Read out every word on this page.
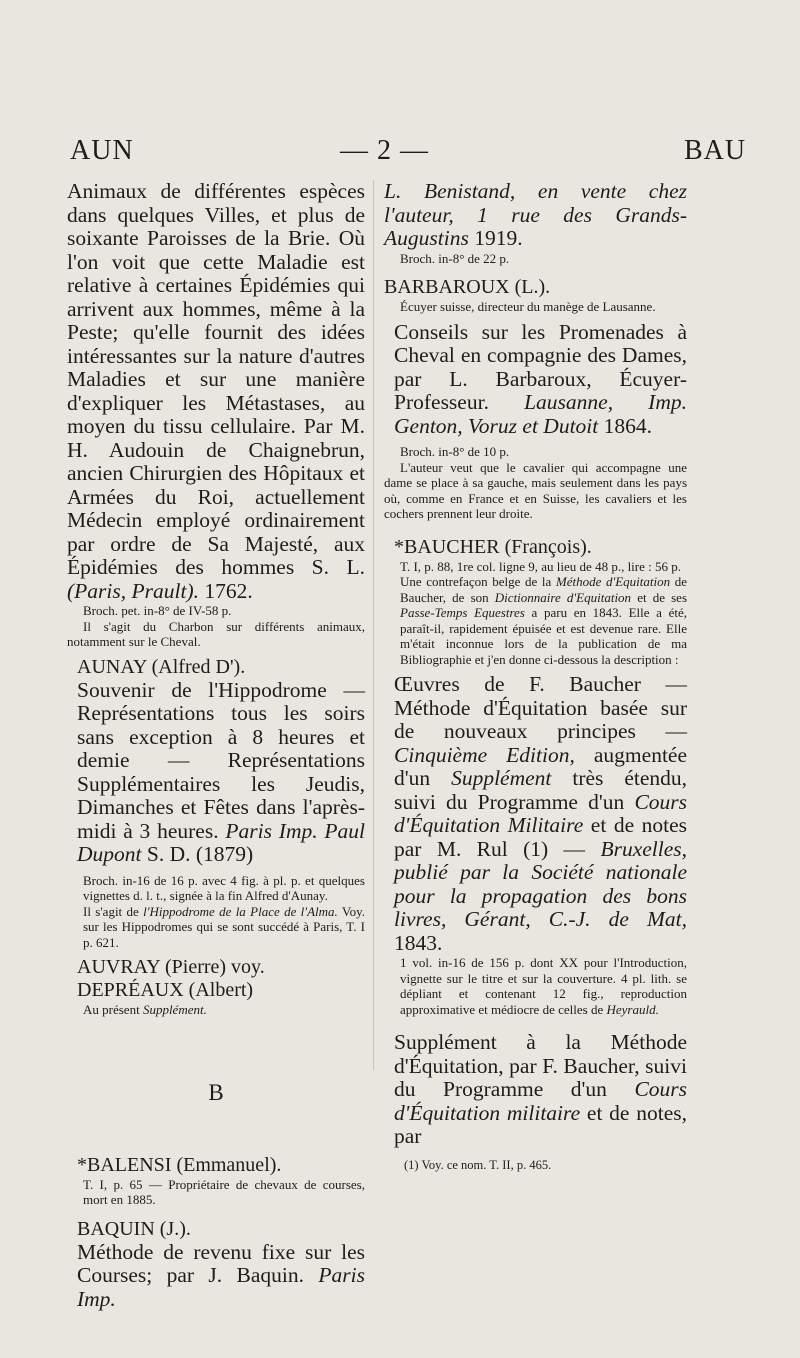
AUN	— 2 —	BAU

Animaux de différentes espèces dans quelques Villes, et plus de soixante Paroisses de la Brie. Où l'on voit que cette Maladie est relative à certaines Épidémies qui arrivent aux hommes, même à la Peste; qu'elle fournit des idées intéressantes sur la nature d'autres Maladies et sur une manière d'expliquer les Métastases, au moyen du tissu cellulaire. Par M. H. Audouin de Chaignebrun, ancien Chirurgien des Hôpitaux et Armées du Roi, actuellement Médecin employé ordinairement par ordre de Sa Majesté, aux Épidémies des hommes S. L. (Paris, Prault). 1762.

Broch. pet. in-8° de IV-58 p.

Il s'agit du Charbon sur différents animaux, notamment sur le Cheval.

AUNAY (Alfred D').

Souvenir de l'Hippodrome — Représentations tous les soirs sans exception à 8 heures et demie — Représentations Supplémentaires les Jeudis, Dimanches et Fêtes dans l'après-midi à 3 heures. Paris Imp. Paul Dupont S. D. (1879)

Broch. in-16 de 16 p. avec 4 fig. à pl. p. et quelques vignettes d. l. t., signée à la fin Alfred d'Aunay.

Il s'agit de l'Hippodrome de la Place de l'Alma. Voy. sur les Hippodromes qui se sont succédé à Paris, T. I p. 621.

AUVRAY (Pierre) voy. DEPRÉAUX (Albert)

Au présent Supplément.

B
*BALENSI (Emmanuel).

T. I, p. 65 — Propriétaire de chevaux de courses, mort en 1885.

BAQUIN (J.).

Méthode de revenu fixe sur les Courses; par J. Baquin. Paris Imp.

L. Benistand, en vente chez l'auteur, 1 rue des Grands-Augustins 1919.

Broch. in-8° de 22 p.

BARBAROUX (L.).

Écuyer suisse, directeur du manège de Lausanne.

Conseils sur les Promenades à Cheval en compagnie des Dames, par L. Barbaroux, Écuyer-Professeur. Lausanne, Imp. Genton, Voruz et Dutoit 1864.

Broch. in-8° de 10 p.

L'auteur veut que le cavalier qui accompagne une dame se place à sa gauche, mais seulement dans les pays où, comme en France et en Suisse, les cavaliers et les cochers prennent leur droite.

*BAUCHER (François).

T. I, p. 88, 1re col. ligne 9, au lieu de 48 p., lire : 56 p.

Une contrefaçon belge de la Méthode d'Equitation de Baucher, de son Dictionnaire d'Equitation et de ses Passe-Temps Equestres a paru en 1843. Elle a été, paraît-il, rapidement épuisée et est devenue rare. Elle m'était inconnue lors de la publication de ma Bibliographie et j'en donne ci-dessous la description :

Œuvres de F. Baucher — Méthode d'Équitation basée sur de nouveaux principes — Cinquième Edition, augmentée d'un Supplément très étendu, suivi du Programme d'un Cours d'Équitation Militaire et de notes par M. Rul (1) — Bruxelles, publié par la Société nationale pour la propagation des bons livres, Gérant, C.-J. de Mat, 1843.

1 vol. in-16 de 156 p. dont XX pour l'Introduction, vignette sur le titre et sur la couverture. 4 pl. lith. se dépliant et contenant 12 fig., reproduction approximative et médiocre de celles de Heyrauld.

Supplément à la Méthode d'Équitation, par F. Baucher, suivi du Programme d'un Cours d'Équitation militaire et de notes, par

(1) Voy. ce nom. T. II, p. 465.
